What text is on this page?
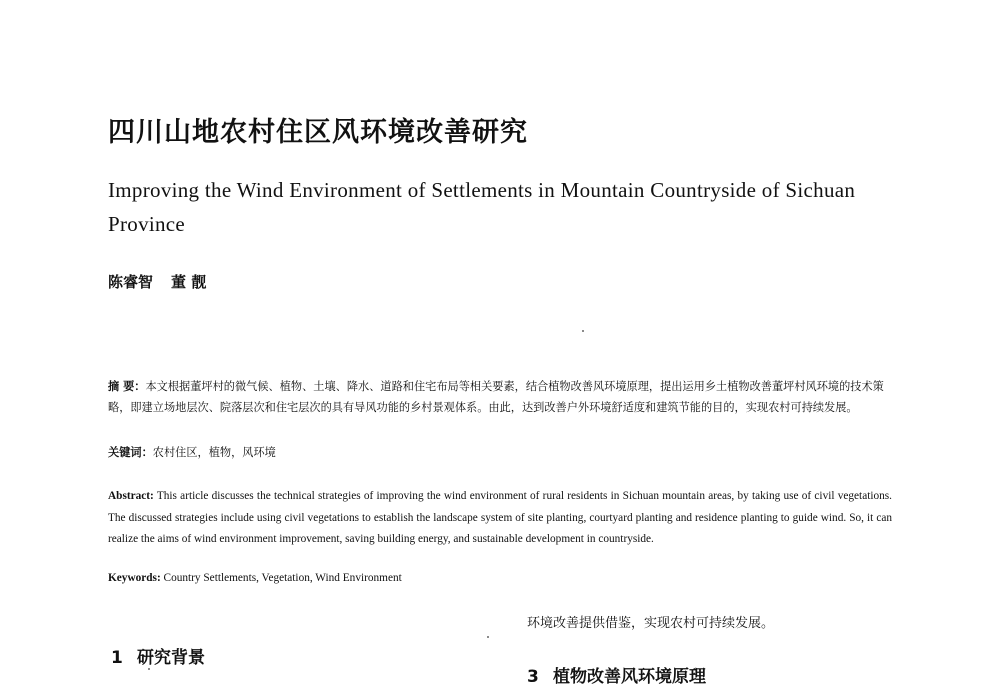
四川山地农村住区风环境改善研究
Improving the Wind Environment of Settlements in Mountain Countryside of Sichuan Province
陈睿智 董 靓

摘 要：本文根据董坪村的微气候、植物、土壤、降水、道路和住宅布局等相关要素，结合植物改善风环境原理，提出运用乡土植物改善董坪村风环境的技术策略，即建立场地层次、院落层次和住宅层次的具有导风功能的乡村景观体系。由此，达到改善户外环境舒适度和建筑节能的目的，实现农村可持续发展。

关键词：农村住区，植物，风环境

Abstract: This article discusses the technical strategies of improving the wind environment of rural residents in Sichuan mountain areas, by taking use of civil vegetations. The discussed strategies include using civil vegetations to establish the landscape system of site planting, courtyard planting and residence planting to guide wind. So, it can realize the aims of wind environment improvement, saving building energy, and sustainable development in countryside.

Keywords: Country Settlements, Vegetation, Wind Environment

环境改善提供借鉴，实现农村可持续发展。

1 研究背景
3 植物改善风环境原理
